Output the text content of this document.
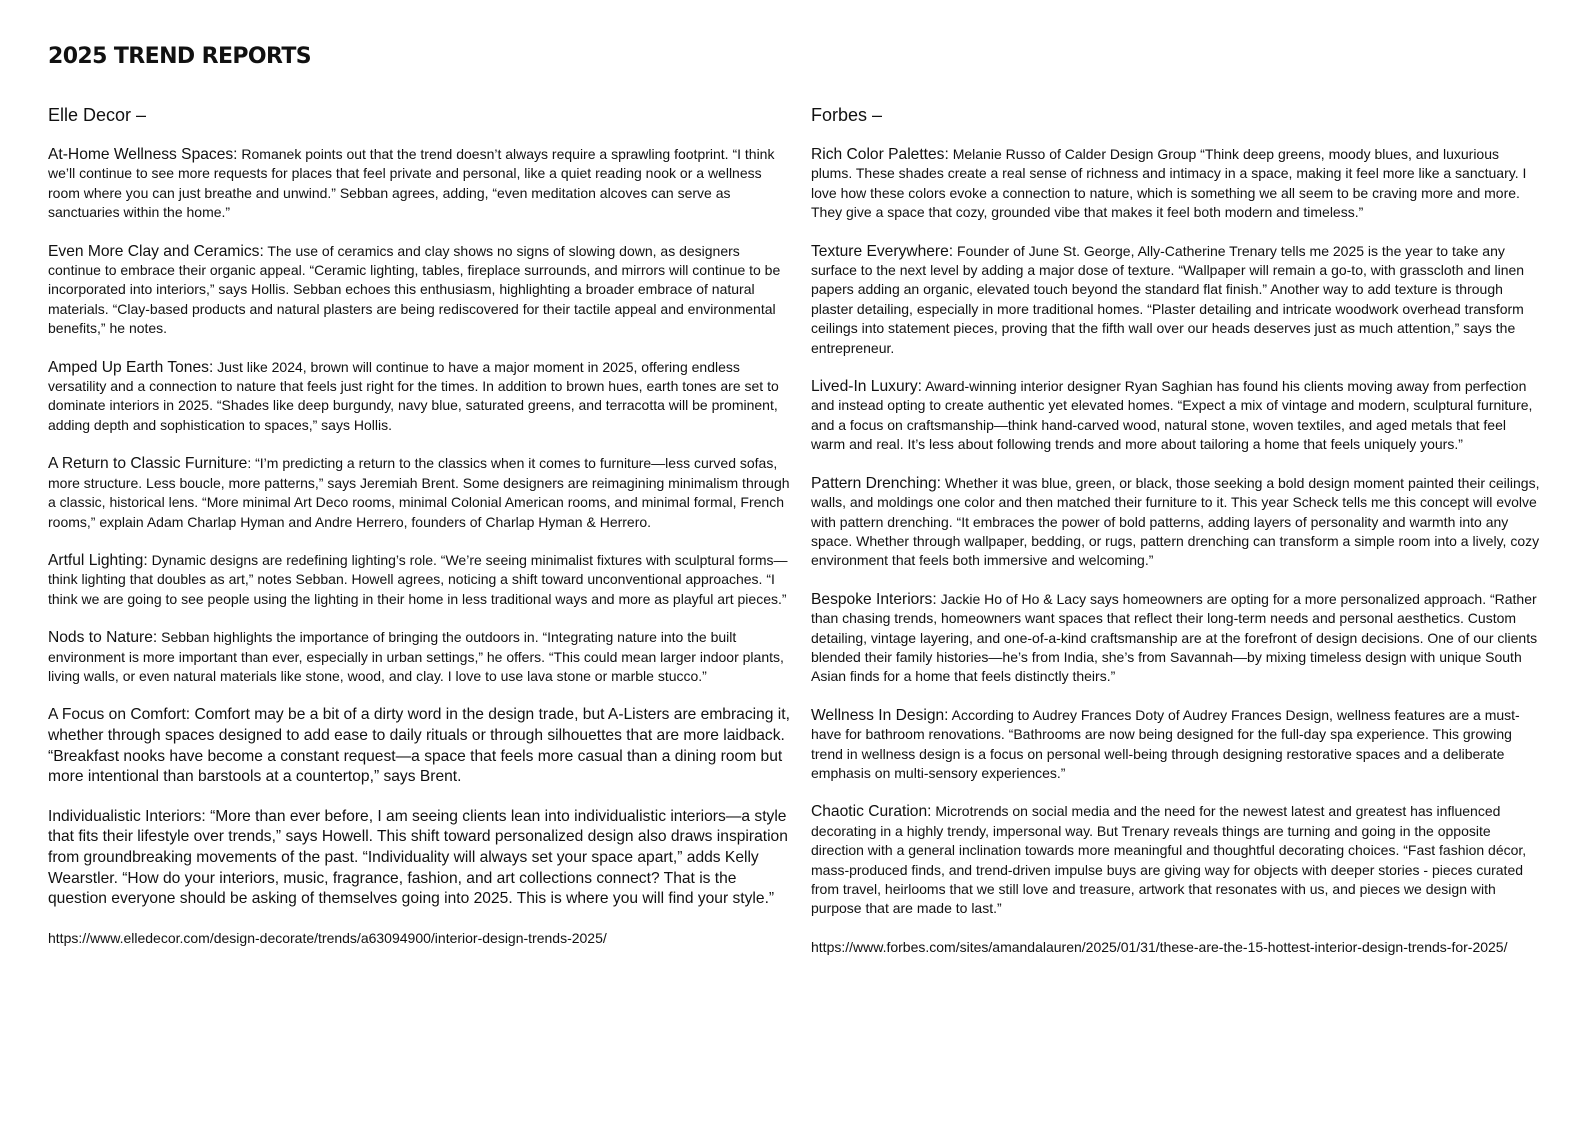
2025 TREND REPORTS
Elle Decor –

At-Home Wellness Spaces: Romanek points out that the trend doesn’t always require a sprawling footprint. “I think we’ll continue to see more requests for places that feel private and personal, like a quiet reading nook or a wellness room where you can just breathe and unwind.” Sebban agrees, adding, “even meditation alcoves can serve as sanctuaries within the home.”

Even More Clay and Ceramics: The use of ceramics and clay shows no signs of slowing down, as designers continue to embrace their organic appeal. “Ceramic lighting, tables, fireplace surrounds, and mirrors will continue to be incorporated into interiors,” says Hollis. Sebban echoes this enthusiasm, highlighting a broader embrace of natural materials. “Clay-based products and natural plasters are being rediscovered for their tactile appeal and environmental benefits,” he notes.

Amped Up Earth Tones: Just like 2024, brown will continue to have a major moment in 2025, offering endless versatility and a connection to nature that feels just right for the times. In addition to brown hues, earth tones are set to dominate interiors in 2025. “Shades like deep burgundy, navy blue, saturated greens, and terracotta will be prominent, adding depth and sophistication to spaces,” says Hollis.

A Return to Classic Furniture: “I’m predicting a return to the classics when it comes to furniture—less curved sofas, more structure. Less boucle, more patterns,” says Jeremiah Brent. Some designers are reimagining minimalism through a classic, historical lens. “More minimal Art Deco rooms, minimal Colonial American rooms, and minimal formal, French rooms,” explain Adam Charlap Hyman and Andre Herrero, founders of Charlap Hyman & Herrero.

Artful Lighting: Dynamic designs are redefining lighting’s role. “We’re seeing minimalist fixtures with sculptural forms—think lighting that doubles as art,” notes Sebban. Howell agrees, noticing a shift toward unconventional approaches. “I think we are going to see people using the lighting in their home in less traditional ways and more as playful art pieces.”

Nods to Nature: Sebban highlights the importance of bringing the outdoors in. “Integrating nature into the built environment is more important than ever, especially in urban settings,” he offers. “This could mean larger indoor plants, living walls, or even natural materials like stone, wood, and clay. I love to use lava stone or marble stucco.”

A Focus on Comfort: Comfort may be a bit of a dirty word in the design trade, but A-Listers are embracing it, whether through spaces designed to add ease to daily rituals or through silhouettes that are more laidback. “Breakfast nooks have become a constant request—a space that feels more casual than a dining room but more intentional than barstools at a countertop,” says Brent.

Individualistic Interiors: “More than ever before, I am seeing clients lean into individualistic interiors—a style that fits their lifestyle over trends,” says Howell. This shift toward personalized design also draws inspiration from groundbreaking movements of the past. “Individuality will always set your space apart,” adds Kelly Wearstler. “How do your interiors, music, fragrance, fashion, and art collections connect? That is the question everyone should be asking of themselves going into 2025. This is where you will find your style.”

https://www.elledecor.com/design-decorate/trends/a63094900/interior-design-trends-2025/

Forbes –

Rich Color Palettes: Melanie Russo of Calder Design Group “Think deep greens, moody blues, and luxurious plums. These shades create a real sense of richness and intimacy in a space, making it feel more like a sanctuary. I love how these colors evoke a connection to nature, which is something we all seem to be craving more and more. They give a space that cozy, grounded vibe that makes it feel both modern and timeless.”

Texture Everywhere: Founder of June St. George, Ally-Catherine Trenary tells me 2025 is the year to take any surface to the next level by adding a major dose of texture. “Wallpaper will remain a go-to, with grasscloth and linen papers adding an organic, elevated touch beyond the standard flat finish.” Another way to add texture is through plaster detailing, especially in more traditional homes. “Plaster detailing and intricate woodwork overhead transform ceilings into statement pieces, proving that the fifth wall over our heads deserves just as much attention,” says the entrepreneur.

Lived-In Luxury: Award-winning interior designer Ryan Saghian has found his clients moving away from perfection and instead opting to create authentic yet elevated homes. “Expect a mix of vintage and modern, sculptural furniture, and a focus on craftsmanship—think hand-carved wood, natural stone, woven textiles, and aged metals that feel warm and real. It’s less about following trends and more about tailoring a home that feels uniquely yours.”

Pattern Drenching: Whether it was blue, green, or black, those seeking a bold design moment painted their ceilings, walls, and moldings one color and then matched their furniture to it. This year Scheck tells me this concept will evolve with pattern drenching. “It embraces the power of bold patterns, adding layers of personality and warmth into any space. Whether through wallpaper, bedding, or rugs, pattern drenching can transform a simple room into a lively, cozy environment that feels both immersive and welcoming.”

Bespoke Interiors: Jackie Ho of Ho & Lacy says homeowners are opting for a more personalized approach. “Rather than chasing trends, homeowners want spaces that reflect their long-term needs and personal aesthetics. Custom detailing, vintage layering, and one-of-a-kind craftsmanship are at the forefront of design decisions. One of our clients blended their family histories—he’s from India, she’s from Savannah—by mixing timeless design with unique South Asian finds for a home that feels distinctly theirs.”

Wellness In Design: According to Audrey Frances Doty of Audrey Frances Design, wellness features are a must-have for bathroom renovations. “Bathrooms are now being designed for the full-day spa experience. This growing trend in wellness design is a focus on personal well-being through designing restorative spaces and a deliberate emphasis on multi-sensory experiences.”

Chaotic Curation: Microtrends on social media and the need for the newest latest and greatest has influenced decorating in a highly trendy, impersonal way. But Trenary reveals things are turning and going in the opposite direction with a general inclination towards more meaningful and thoughtful decorating choices. “Fast fashion décor, mass-produced finds, and trend-driven impulse buys are giving way for objects with deeper stories - pieces curated from travel, heirlooms that we still love and treasure, artwork that resonates with us, and pieces we design with purpose that are made to last.”

https://www.forbes.com/sites/amandalauren/2025/01/31/these-are-the-15-hottest-interior-design-trends-for-2025/
